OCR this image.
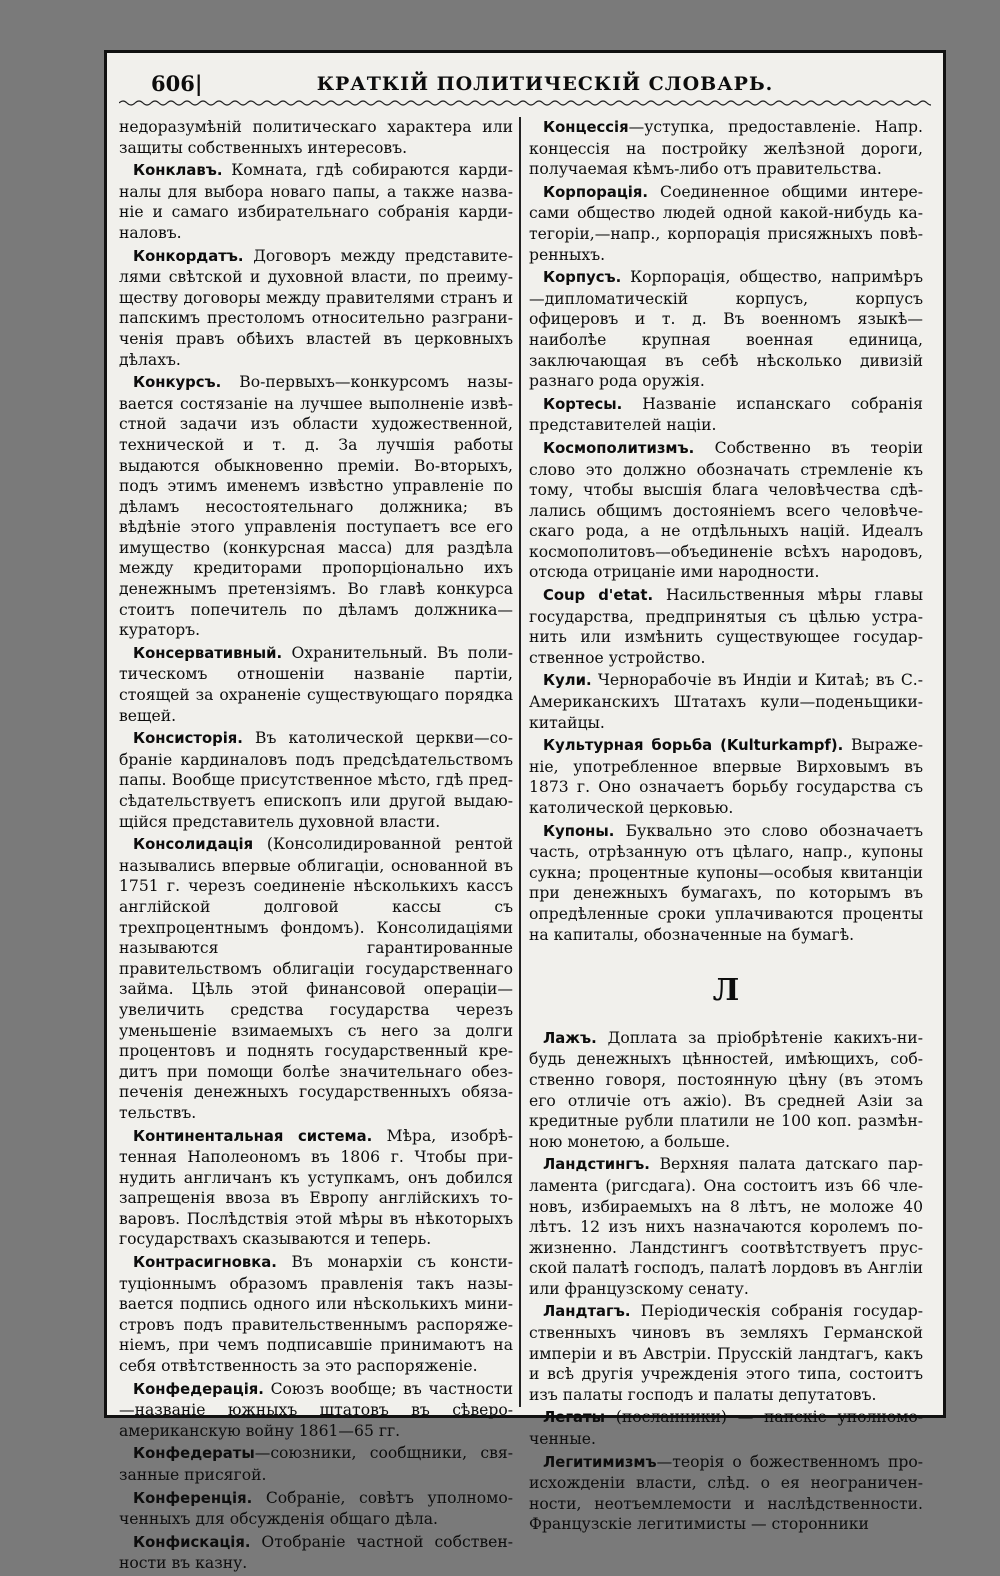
606|	КРАТКІЙ ПОЛИТИЧЕСКІЙ СЛОВАРЬ.

недоразумѣній политическаго характера или защиты собственныхъ интересовъ.

Конклавъ. Комната, гдѣ собираются кардиналы для выбора новаго папы, а также названіе и самаго избирательнаго собранія кардиналовъ.

Конкордатъ. Договоръ между представителями свѣтской и духовной власти, по преимуществу договоры между правителями странъ и папскимъ престоломъ относительно разграниченія правъ обѣихъ властей въ церковныхъ дѣлахъ.

Конкурсъ. Во-первыхъ—конкурсомъ называется состязаніе на лучшее выполненіе извѣстной задачи изъ области художественной, технической и т. д. За лучшія работы выдаются обыкновенно преміи. Во-вторыхъ, подъ этимъ именемъ извѣстно управленіе по дѣламъ несостоятельнаго должника; въ вѣдѣніе этого управленія поступаетъ все его имущество (конкурсная масса) для раздѣла между кредиторами пропорціонально ихъ денежнымъ претензіямъ. Во главѣ конкурса стоитъ попечитель по дѣламъ должника—кураторъ.

Консервативный. Охранительный. Въ политическомъ отношеніи названіе партіи, стоящей за охраненіе существующаго порядка вещей.

Консисторія. Въ католической церкви—собраніе кардиналовъ подъ предсѣдательствомъ папы. Вообще присутственное мѣсто, гдѣ предсѣдательствуетъ епископъ или другой выдающійся представитель духовной власти.

Консолидація (Консолидированной рентой назывались впервые облигаціи, основанной въ 1751 г. черезъ соединеніе нѣсколькихъ кассъ англійской долговой кассы съ трехпроцентнымъ фондомъ). Консолидаціями называются гарантированные правительствомъ облигаціи государственнаго займа. Цѣль этой финансовой операціи—увеличить средства государства черезъ уменьшеніе взимаемыхъ съ него за долги процентовъ и поднять государственный кредитъ при помощи болѣе значительнаго обезпеченія денежныхъ государственныхъ обязательствъ.

Континентальная система. Мѣра, изобрѣтенная Наполеономъ въ 1806 г. Чтобы принудить англичанъ къ уступкамъ, онъ добился запрещенія ввоза въ Европу англійскихъ товаровъ. Послѣдствія этой мѣры въ нѣкоторыхъ государствахъ сказываются и теперь.

Контрасигновка. Въ монархіи съ конституціоннымъ образомъ правленія такъ называется подпись одного или нѣсколькихъ министровъ подъ правительственнымъ распоряженіемъ, при чемъ подписавшіе принимаютъ на себя отвѣтственность за это распоряженіе.

Конфедерація. Союзъ вообще; въ частности—названіе южныхъ штатовъ въ сѣверо-американскую войну 1861—65 гг.

Конфедераты—союзники, сообщники, связанные присягой.

Конференція. Собраніе, совѣтъ уполномоченныхъ для обсужденія общаго дѣла.

Конфискація. Отобраніе частной собственности въ казну.

Концессія—уступка, предоставленіе. Напр. концессія на постройку желѣзной дороги, получаемая кѣмъ-либо отъ правительства.

Корпорація. Соединенное общими интересами общество людей одной какой-нибудь категоріи,—напр., корпорація присяжныхъ повѣренныхъ.

Корпусъ. Корпорація, общество, напримѣръ—дипломатическій корпусъ, корпусъ офицеровъ и т. д. Въ военномъ языкѣ—наиболѣе крупная военная единица, заключающая въ себѣ нѣсколько дивизій разнаго рода оружія.

Кортесы. Названіе испанскаго собранія представителей націи.

Космополитизмъ. Собственно въ теоріи слово это должно обозначать стремленіе къ тому, чтобы высшія блага человѣчества сдѣлались общимъ достояніемъ всего человѣческаго рода, а не отдѣльныхъ націй. Идеалъ космополитовъ—объединеніе всѣхъ народовъ, отсюда отрицаніе ими народности.

Coup d'etat. Насильственныя мѣры главы государства, предпринятыя съ цѣлью устранить или измѣнить существующее государственное устройство.

Кули. Чернорабочіе въ Индіи и Китаѣ; въ С.-Американскихъ Штатахъ кули—поденьщики-китайцы.

Культурная борьба (Kulturkampf). Выраженіе, употребленное впервые Вирховымъ въ 1873 г. Оно означаетъ борьбу государства съ католической церковью.

Купоны. Буквально это слово обозначаетъ часть, отрѣзанную отъ цѣлаго, напр., купоны сукна; процентные купоны—особыя квитанціи при денежныхъ бумагахъ, по которымъ въ опредѣленные сроки уплачиваются проценты на капиталы, обозначенные на бумагѣ.

Л

Лажъ. Доплата за пріобрѣтеніе какихъ-нибудь денежныхъ цѣнностей, имѣющихъ, собственно говоря, постоянную цѣну (въ этомъ его отличіе отъ ажіо). Въ средней Азіи за кредитные рубли платили не 100 коп. размѣнною монетою, а больше.

Ландстингъ. Верхняя палата датскаго парламента (ригсдага). Она состоитъ изъ 66 членовъ, избираемыхъ на 8 лѣтъ, не моложе 40 лѣтъ. 12 изъ нихъ назначаются королемъ пожизненно. Ландстингъ соотвѣтствуетъ прусской палатѣ господъ, палатѣ лордовъ въ Англіи или французскому сенату.

Ландтагъ. Періодическія собранія государственныхъ чиновъ въ земляхъ Германской имперіи и въ Австріи. Прусскій ландтагъ, какъ и всѣ другія учрежденія этого типа, состоитъ изъ палаты господъ и палаты депутатовъ.

Легаты (посланники) — папскіе уполномоченные.

Легитимизмъ—теорія о божественномъ происхожденіи власти, слѣд. о ея неограниченности, неотъемлемости и наслѣдственности. Французскіе легитимисты — сторонники
